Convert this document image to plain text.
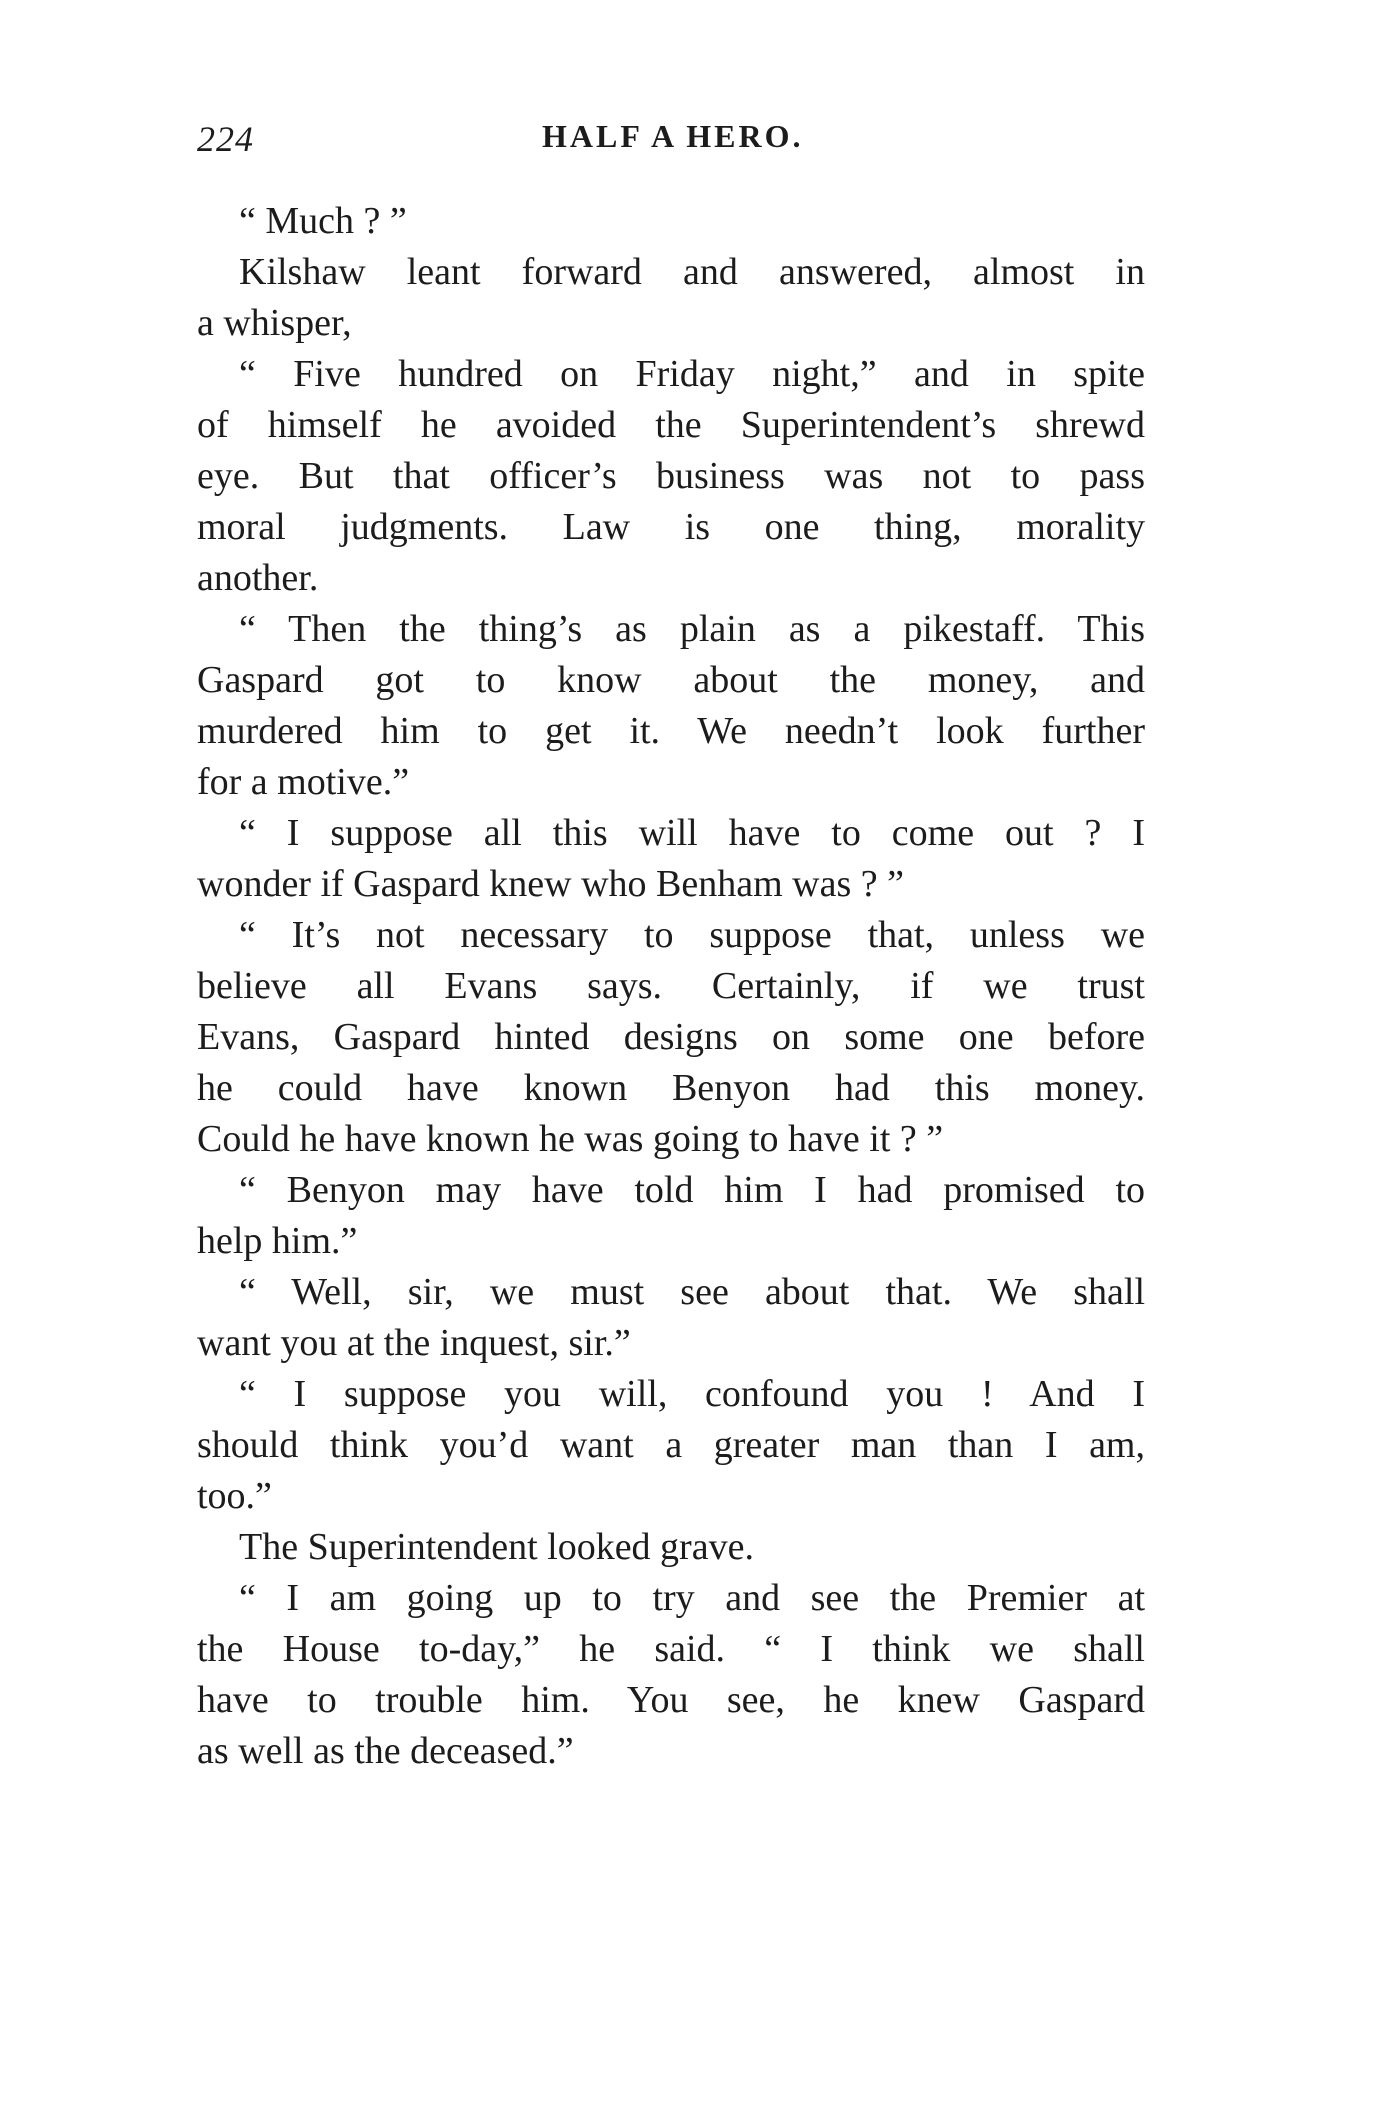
224	HALF A HERO.
“ Much ? ”
Kilshaw leant forward and answered, almost in
a whisper,
“ Five hundred on Friday night,” and in spite
of himself he avoided the Superintendent’s shrewd
eye. But that officer’s business was not to pass
moral judgments. Law is one thing, morality
another.
“ Then the thing’s as plain as a pikestaff. This
Gaspard got to know about the money, and
murdered him to get it. We needn’t look further
for a motive.”
“ I suppose all this will have to come out ? I
wonder if Gaspard knew who Benham was ? ”
“ It’s not necessary to suppose that, unless we
believe all Evans says. Certainly, if we trust
Evans, Gaspard hinted designs on some one before
he could have known Benyon had this money.
Could he have known he was going to have it ? ”
“ Benyon may have told him I had promised to
help him.”
“ Well, sir, we must see about that. We shall
want you at the inquest, sir.”
“ I suppose you will, confound you ! And I
should think you’d want a greater man than I am,
too.”
The Superintendent looked grave.
“ I am going up to try and see the Premier at
the House to-day,” he said. “ I think we shall
have to trouble him. You see, he knew Gaspard
as well as the deceased.”
